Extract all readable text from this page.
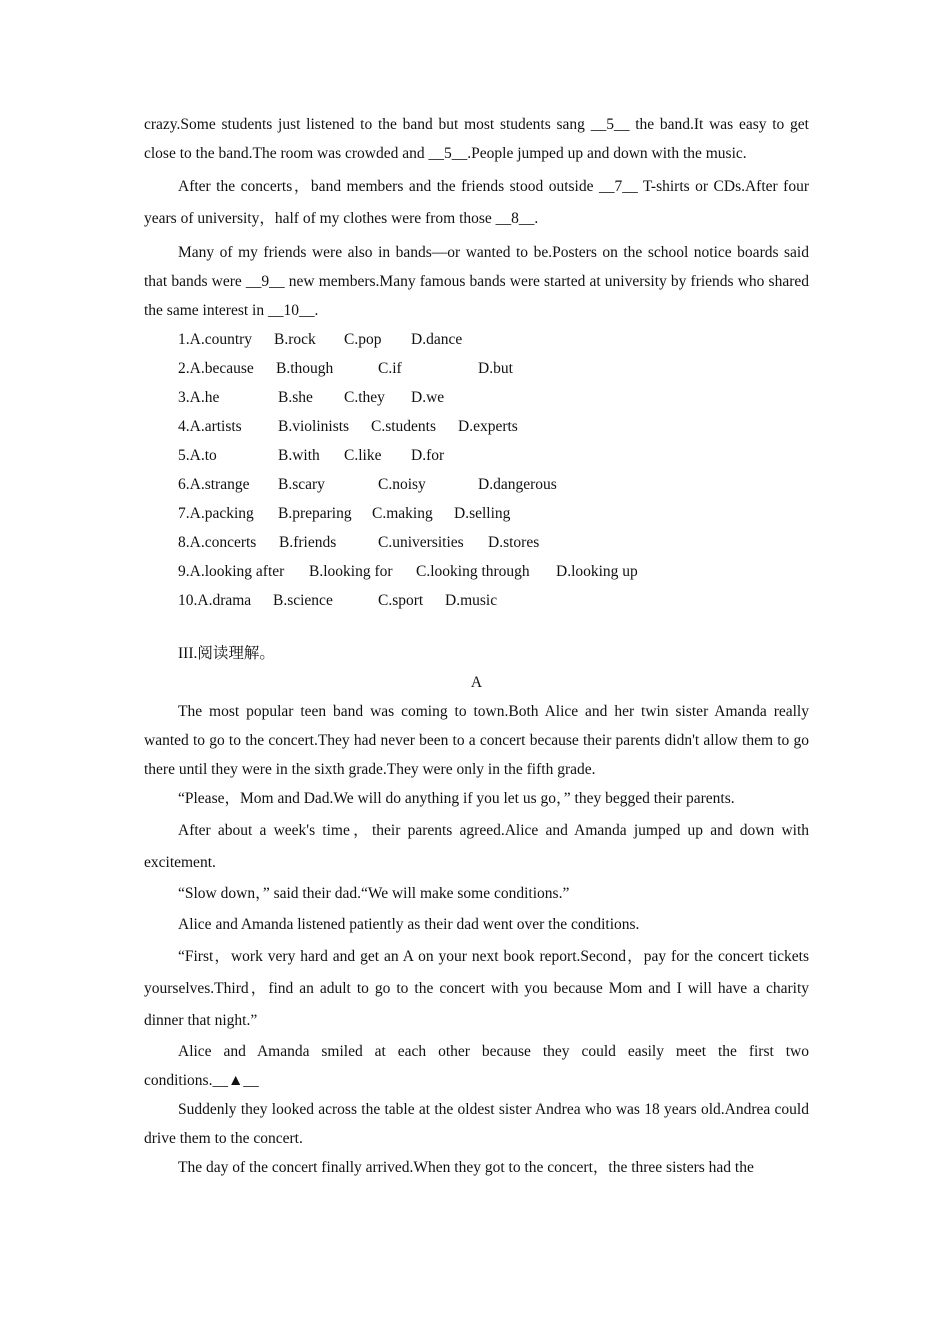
crazy.Some students just listened to the band but most students sang __5__ the band.It was easy to get close to the band.The room was crowded and __5__.People jumped up and down with the music.

After the concerts，band members and the friends stood outside __7__ T-shirts or CDs.After four years of university，half of my clothes were from those __8__.

Many of my friends were also in bands—or wanted to be.Posters on the school notice boards said that bands were __9__ new members.Many famous bands were started at university by friends who shared the same interest in __10__.

1.A.country B.rock C.pop D.dance
2.A.because B.though	C.if	D.but
3.A.he	B.she C.they D.we
4.A.artists B.violinists C.students D.experts
5.A.to	B.with C.like D.for
6.A.strange B.scary	C.noisy	D.dangerous
7.A.packing B.preparing C.making D.selling
8.A.concerts B.friends	C.universities D.stores
9.A.looking after B.looking for C.looking through D.looking up
10.A.drama B.science	C.sport D.music

III.阅读理解。

A

The most popular teen band was coming to town.Both Alice and her twin sister Amanda really wanted to go to the concert.They had never been to a concert because their parents didn't allow them to go there until they were in the sixth grade.They were only in the fifth grade.

“Please，Mom and Dad.We will do anything if you let us go，” they begged their parents.

After about a week's time，their parents agreed.Alice and Amanda jumped up and down with excitement.

“Slow down，” said their dad.“We will make some conditions.”

Alice and Amanda listened patiently as their dad went over the conditions.

“First，work very hard and get an A on your next book report.Second，pay for the concert tickets yourselves.Third，find an adult to go to the concert with you because Mom and I will have a charity dinner that night.”

Alice and Amanda smiled at each other because they could easily meet the first two conditions.__▲__

Suddenly they looked across the table at the oldest sister Andrea who was 18 years old.Andrea could drive them to the concert.

The day of the concert finally arrived.When they got to the concert，the three sisters had the
